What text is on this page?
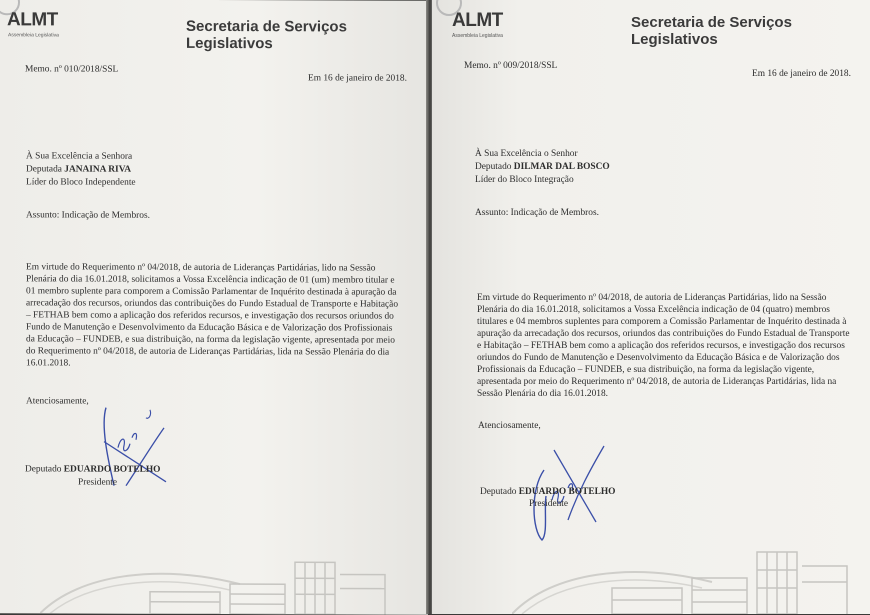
ALMT
Assembleia Legislativa	Secretaria de Serviços Legislativos
Memo. nº 010/2018/SSL
Em 16 de janeiro de 2018.
À Sua Excelência a Senhora
Deputada JANAINA RIVA
Líder do Bloco Independente
Assunto: Indicação de Membros.
Em virtude do Requerimento nº 04/2018, de autoria de Lideranças Partidárias, lido na Sessão
Plenária do dia 16.01.2018, solicitamos a Vossa Excelência indicação de 01 (um) membro titular e
01 membro suplente para comporem a Comissão Parlamentar de Inquérito destinada à apuração da
arrecadação dos recursos, oriundos das contribuições do Fundo Estadual de Transporte e Habitação
– FETHAB bem como a aplicação dos referidos recursos, e investigação dos recursos oriundos do
Fundo de Manutenção e Desenvolvimento da Educação Básica e de Valorização dos Profissionais
da Educação – FUNDEB, e sua distribuição, na forma da legislação vigente, apresentada por meio
do Requerimento nº 04/2018, de autoria de Lideranças Partidárias, lida na Sessão Plenária do dia
16.01.2018.
Atenciosamente,
Deputado EDUARDO BOTELHO
Presidente
ALMT
Assembleia Legislativa
Secretaria de Serviços Legislativos
Memo. nº 009/2018/SSL
Em 16 de janeiro de 2018.
À Sua Excelência o Senhor
Deputado DILMAR DAL BOSCO
Líder do Bloco Integração
Assunto: Indicação de Membros.
Em virtude do Requerimento nº 04/2018, de autoria de Lideranças Partidárias, lido na Sessão
Plenária do dia 16.01.2018, solicitamos a Vossa Excelência indicação de 04 (quatro) membros
titulares e 04 membros suplentes para comporem a Comissão Parlamentar de Inquérito destinada à
apuração da arrecadação dos recursos, oriundos das contribuições do Fundo Estadual de Transporte
e Habitação – FETHAB bem como a aplicação dos referidos recursos, e investigação dos recursos
oriundos do Fundo de Manutenção e Desenvolvimento da Educação Básica e de Valorização dos
Profissionais da Educação – FUNDEB, e sua distribuição, na forma da legislação vigente,
apresentada por meio do Requerimento nº 04/2018, de autoria de Lideranças Partidárias, lida na
Sessão Plenária do dia 16.01.2018.
Atenciosamente,
Deputado EDUARDO BOTELHO
Presidente
